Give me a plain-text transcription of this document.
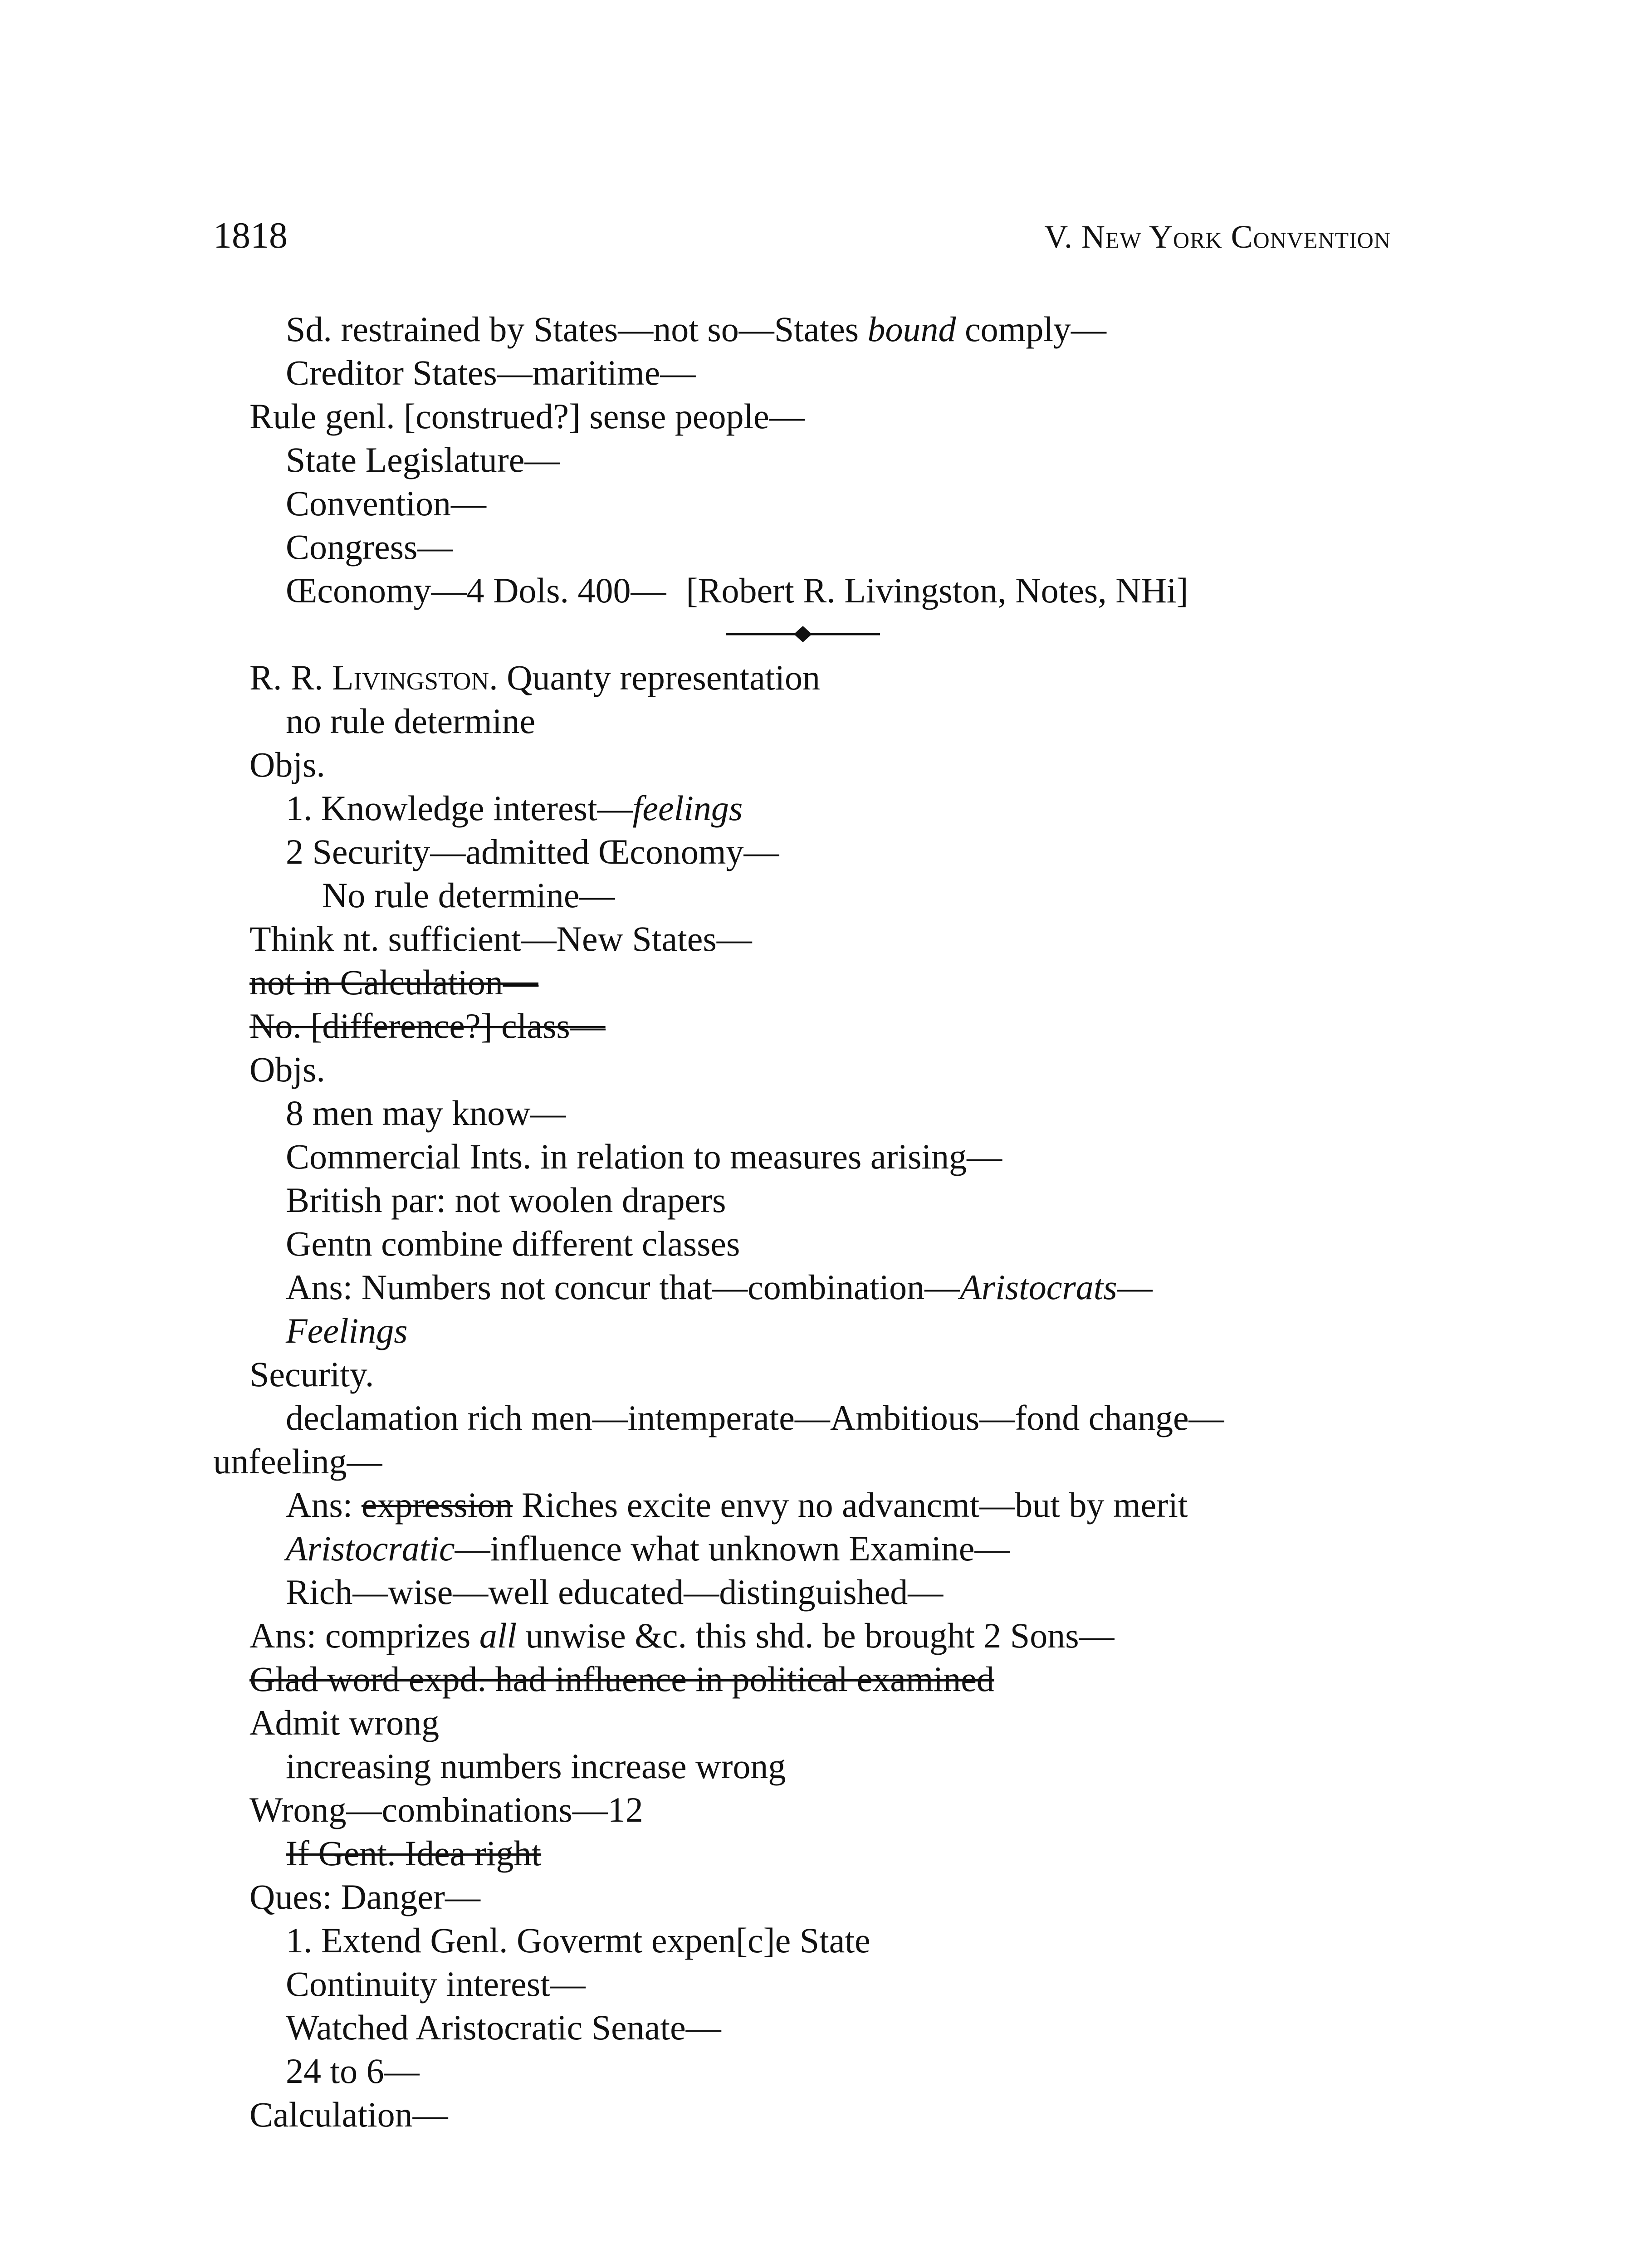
1818	V. New York Convention
Sd. restrained by States—not so—States bound comply—
Creditor States—maritime—
Rule genl. [construed?] sense people—
State Legislature—
Convention—
Congress—
Œconomy—4 Dols. 400— [Robert R. Livingston, Notes, NHi]
R. R. Livingston. Quanty representation
no rule determine
Objs.
1. Knowledge interest—feelings
2 Security—admitted Œconomy—
No rule determine—
Think nt. sufficient—New States—
not in Calculation—
No. [difference?] class—
Objs.
8 men may know—
Commercial Ints. in relation to measures arising—
British par: not woolen drapers
Gentn combine different classes
Ans: Numbers not concur that—combination—Aristocrats—
Feelings
Security.
declamation rich men—intemperate—Ambitious—fond change—
unfeeling—
Ans: expression Riches excite envy no advancmt—but by merit
Aristocratic—influence what unknown Examine—
Rich—wise—well educated—distinguished—
Ans: comprizes all unwise &c. this shd. be brought 2 Sons—
Glad word expd. had influence in political examined
Admit wrong
increasing numbers increase wrong
Wrong—combinations—12
If Gent. Idea right
Ques: Danger—
1. Extend Genl. Govermt expen[c]e State
Continuity interest—
Watched Aristocratic Senate—
24 to 6—
Calculation—
